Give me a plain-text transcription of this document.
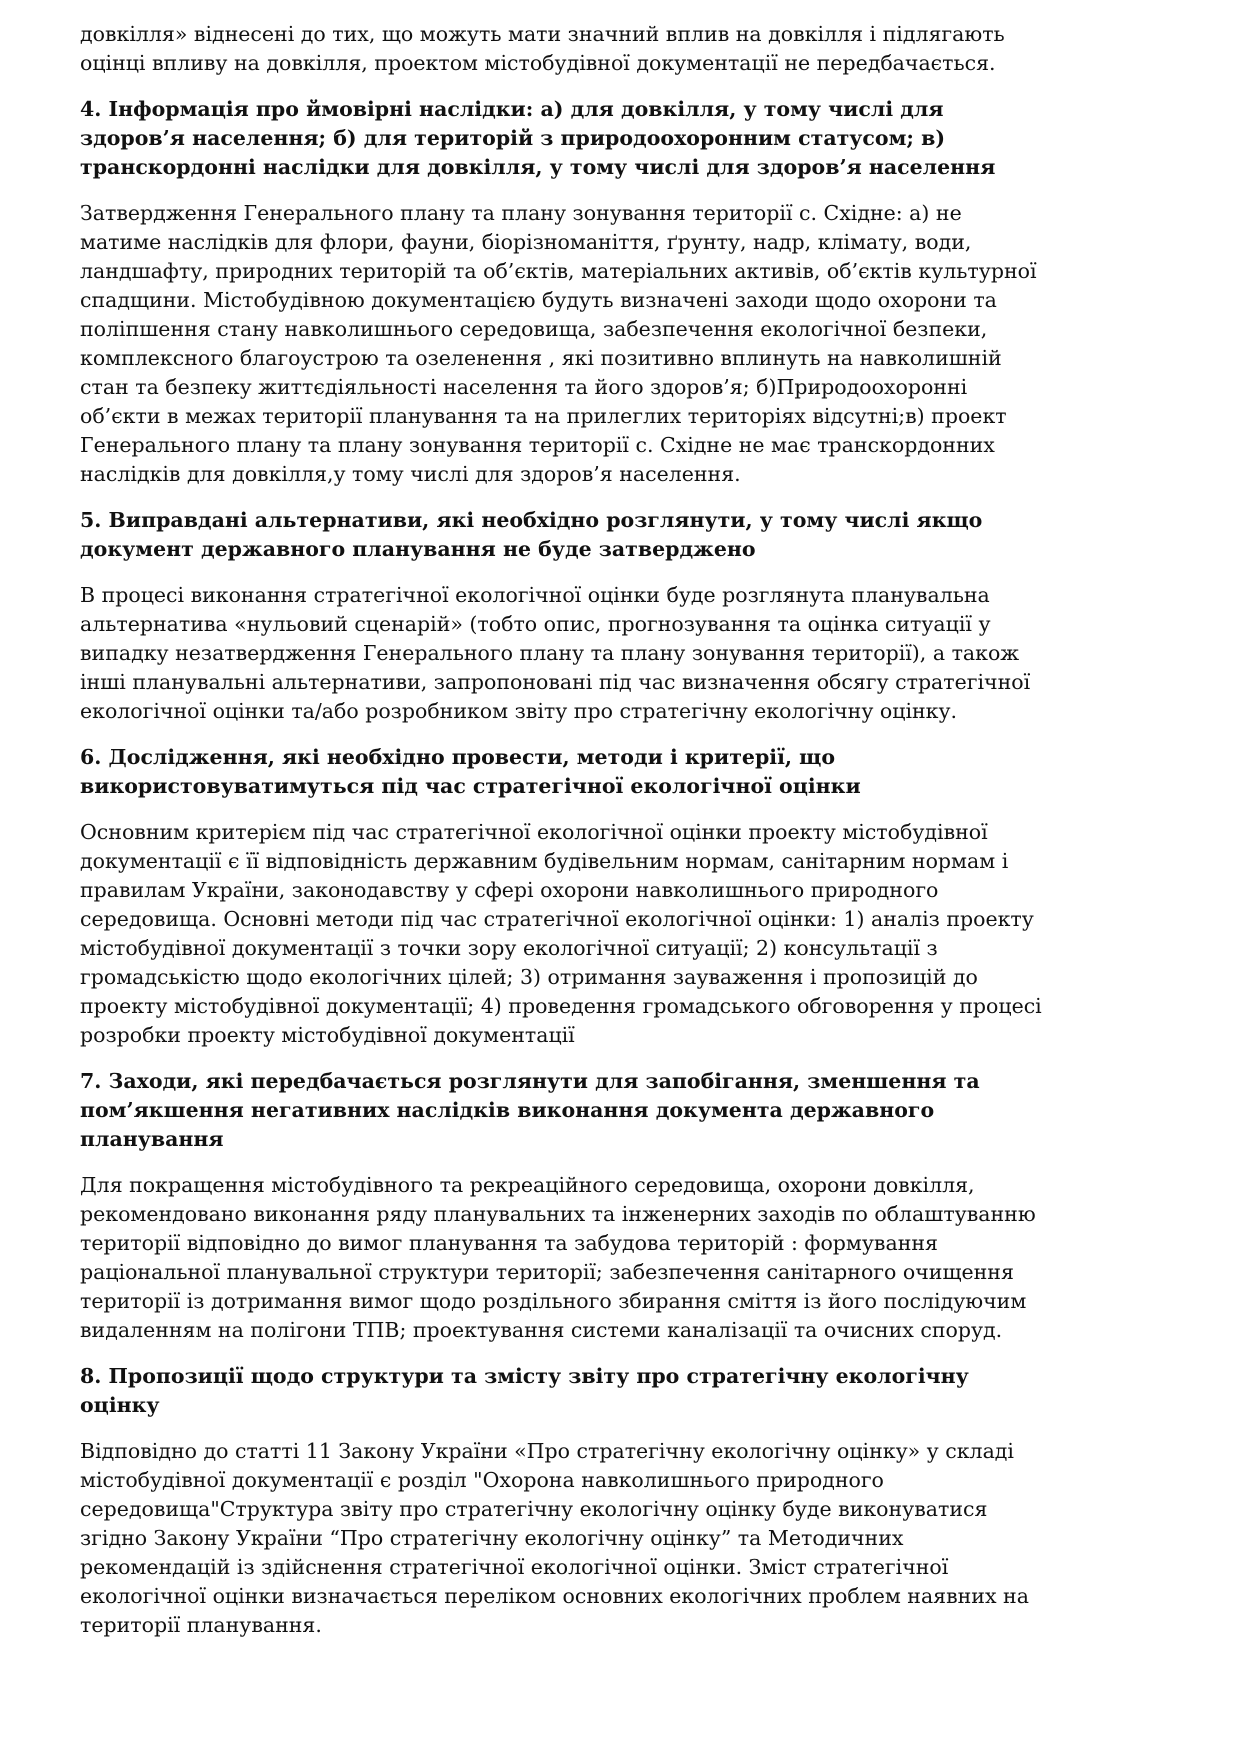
довкілля» віднесені до тих, що можуть мати значний вплив на довкілля і підлягають
оцінці впливу на довкілля, проектом містобудівної документації не передбачається.
4. Інформація про ймовірні наслідки: а) для довкілля, у тому числі для
здоров’я населення; б) для територій з природоохоронним статусом; в)
транскордонні наслідки для довкілля, у тому числі для здоров’я населення
Затвердження Генерального плану та плану зонування території с. Східне: а) не
матиме наслідків для флори, фауни, біорізноманіття, ґрунту, надр, клімату, води,
ландшафту, природних територій та об’єктів, матеріальних активів, об’єктів культурної
спадщини. Містобудівною документацією будуть визначені заходи щодо охорони та
поліпшення стану навколишнього середовища, забезпечення екологічної безпеки,
комплексного благоустрою та озеленення , які позитивно вплинуть на навколишній
стан та безпеку життєдіяльності населення та його здоров’я; б)Природоохоронні
об’єкти в межах території планування та на прилеглих територіях відсутні;в) проект
Генерального плану та плану зонування території с. Східне не має транскордонних
наслідків для довкілля,у тому числі для здоров’я населення.
5. Виправдані альтернативи, які необхідно розглянути, у тому числі якщо
документ державного планування не буде затверджено
В процесі виконання стратегічної екологічної оцінки буде розглянута планувальна
альтернатива «нульовий сценарій» (тобто опис, прогнозування та оцінка ситуації у
випадку незатвердження Генерального плану та плану зонування території), а також
інші планувальні альтернативи, запропоновані під час визначення обсягу стратегічної
екологічної оцінки та/або розробником звіту про стратегічну екологічну оцінку.
6. Дослідження, які необхідно провести, методи і критерії, що
використовуватимуться під час стратегічної екологічної оцінки
Основним критерієм під час стратегічної екологічної оцінки проекту містобудівної
документації є її відповідність державним будівельним нормам, санітарним нормам і
правилам України, законодавству у сфері охорони навколишнього природного
середовища. Основні методи під час стратегічної екологічної оцінки: 1) аналіз проекту
містобудівної документації з точки зору екологічної ситуації; 2) консультації з
громадськістю щодо екологічних цілей; 3) отримання зауваження і пропозицій до
проекту містобудівної документації; 4) проведення громадського обговорення у процесі
розробки проекту містобудівної документації
7. Заходи, які передбачається розглянути для запобігання, зменшення та
пом’якшення негативних наслідків виконання документа державного
планування
Для покращення містобудівного та рекреаційного середовища, охорони довкілля,
рекомендовано виконання ряду планувальних та інженерних заходів по облаштуванню
території відповідно до вимог планування та забудова територій : формування
раціональної планувальної структури території; забезпечення санітарного очищення
території із дотримання вимог щодо роздільного збирання сміття із його послідуючим
видаленням на полігони ТПВ; проектування системи каналізації та очисних споруд.
8. Пропозиції щодо структури та змісту звіту про стратегічну екологічну
оцінку
Відповідно до статті 11 Закону України «Про стратегічну екологічну оцінку» у складі
містобудівної документації є розділ "Охорона навколишнього природного
середовища"Структура звіту про стратегічну екологічну оцінку буде виконуватися
згідно Закону України “Про стратегічну екологічну оцінку” та Методичних
рекомендацій із здійснення стратегічної екологічної оцінки. Зміст стратегічної
екологічної оцінки визначається переліком основних екологічних проблем наявних на
території планування.
